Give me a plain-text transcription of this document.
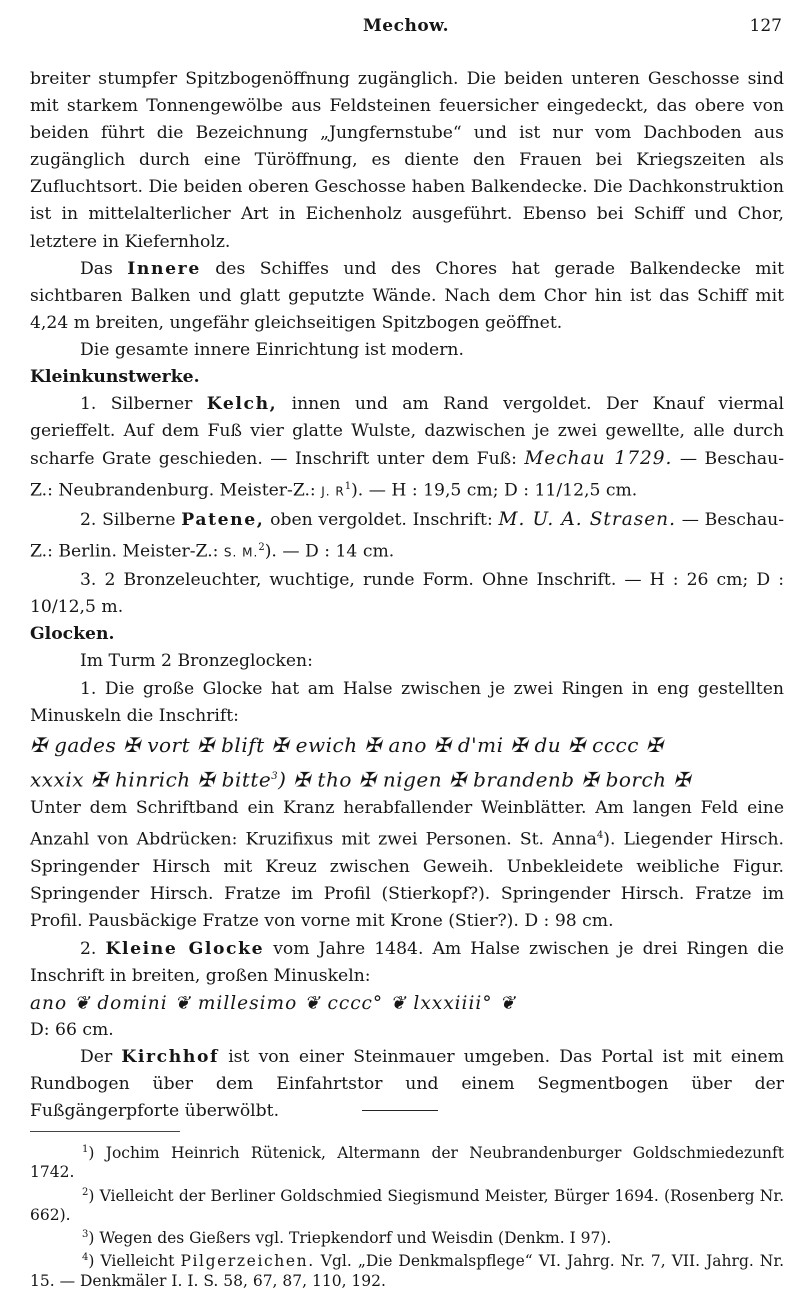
Mechow.	127

breiter stumpfer Spitzbogenöffnung zugänglich. Die beiden unteren Geschosse sind mit starkem Tonnengewölbe aus Feldsteinen feuersicher eingedeckt, das obere von beiden führt die Bezeichnung „Jungfernstube“ und ist nur vom Dachboden aus zugänglich durch eine Türöffnung, es diente den Frauen bei Kriegszeiten als Zufluchtsort. Die beiden oberen Geschosse haben Balkendecke. Die Dachkonstruktion ist in mittelalterlicher Art in Eichenholz ausgeführt. Ebenso bei Schiff und Chor, letztere in Kiefernholz.

Das Innere des Schiffes und des Chores hat gerade Balkendecke mit sichtbaren Balken und glatt geputzte Wände. Nach dem Chor hin ist das Schiff mit 4,24 m breiten, ungefähr gleichseitigen Spitzbogen geöffnet.

Die gesamte innere Einrichtung ist modern.

Kleinkunstwerke.

1. Silberner Kelch, innen und am Rand vergoldet. Der Knauf viermal gerieffelt. Auf dem Fuß vier glatte Wulste, dazwischen je zwei gewellte, alle durch scharfe Grate geschieden. — Inschrift unter dem Fuß: Mechau 1729. — Beschau-Z.: Neubrandenburg. Meister-Z.: J. $R^1$). — H : 19,5 cm; D : 11/12,5 cm.

2. Silberne Patene, oben vergoldet. Inschrift: M. U. A. Strasen. — Beschau-Z.: Berlin. Meister-Z.: S. M.$^2$). — D : 14 cm.

3. 2 Bronzeleuchter, wuchtige, runde Form. Ohne Inschrift. — H : 26 cm; D : 10/12,5 m.

Glocken.

Im Turm 2 Bronzeglocken:

1. Die große Glocke hat am Halse zwischen je zwei Ringen in eng gestellten Minuskeln die Inschrift:

✠ gades ✠ vort ✠ blift ✠ ewich ✠ ano ✠ d'mi ✠ du ✠ cccc ✠
xxxix ✠ hinrich ✠ bitte$^3$) ✠ tho ✠ nigen ✠ brandenb ✠ borch ✠

Unter dem Schriftband ein Kranz herabfallender Weinblätter. Am langen Feld eine Anzahl von Abdrücken: Kruzifixus mit zwei Personen. St. Anna$^4$). Liegender Hirsch. Springender Hirsch mit Kreuz zwischen Geweih. Unbekleidete weibliche Figur. Springender Hirsch. Fratze im Profil (Stierkopf?). Springender Hirsch. Fratze im Profil. Pausbäckige Fratze von vorne mit Krone (Stier?). D : 98 cm.

2. Kleine Glocke vom Jahre 1484. Am Halse zwischen je drei Ringen die Inschrift in breiten, großen Minuskeln:

ano ❦ domini ❦ millesimo ❦ cccc° ❦ lxxxiiii° ❦

D: 66 cm.

Der Kirchhof ist von einer Steinmauer umgeben. Das Portal ist mit einem Rundbogen über dem Einfahrtstor und einem Segmentbogen über der Fußgängerpforte überwölbt.

$^1$) Jochim Heinrich Rütenick, Altermann der Neubrandenburger Goldschmiedezunft 1742.

$^2$) Vielleicht der Berliner Goldschmied Siegismund Meister, Bürger 1694. (Rosenberg Nr. 662).

$^3$) Wegen des Gießers vgl. Triepkendorf und Weisdin (Denkm. I 97).

$^4$) Vielleicht Pilgerzeichen. Vgl. „Die Denkmalspflege“ VI. Jahrg. Nr. 7, VII. Jahrg. Nr. 15. — Denkmäler I. I. S. 58, 67, 87, 110, 192.
